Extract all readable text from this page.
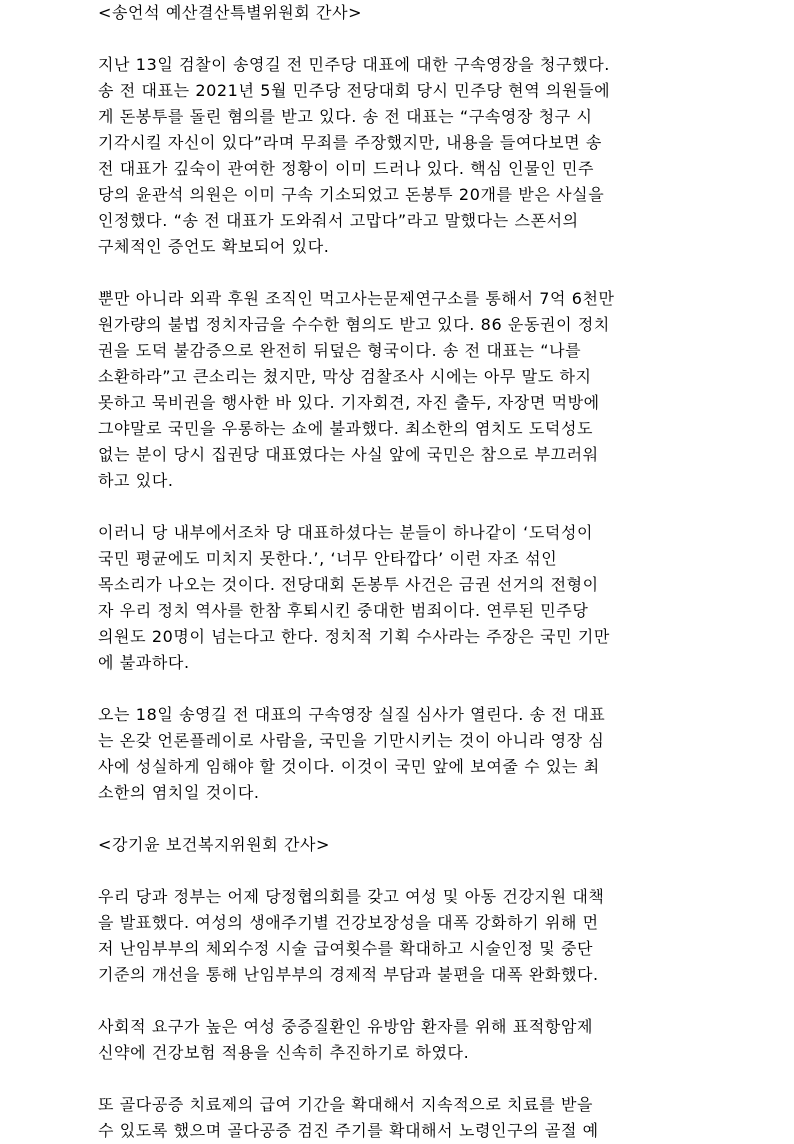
<송언석 예산결산특별위원회 간사>
지난 13일 검찰이 송영길 전 민주당 대표에 대한 구속영장을 청구했다.
송 전 대표는 2021년 5월 민주당 전당대회 당시 민주당 현역 의원들에
게 돈봉투를 돌린 혐의를 받고 있다. 송 전 대표는 “구속영장 청구 시
기각시킬 자신이 있다”라며 무죄를 주장했지만, 내용을 들여다보면 송
전 대표가 깊숙이 관여한 정황이 이미 드러나 있다. 핵심 인물인 민주
당의 윤관석 의원은 이미 구속 기소되었고 돈봉투 20개를 받은 사실을
인정했다. “송 전 대표가 도와줘서 고맙다”라고 말했다는 스폰서의
구체적인 증언도 확보되어 있다.
뿐만 아니라 외곽 후원 조직인 먹고사는문제연구소를 통해서 7억 6천만
원가량의 불법 정치자금을 수수한 혐의도 받고 있다. 86 운동권이 정치
권을 도덕 불감증으로 완전히 뒤덮은 형국이다. 송 전 대표는 “나를
소환하라”고 큰소리는 쳤지만, 막상 검찰조사 시에는 아무 말도 하지
못하고 묵비권을 행사한 바 있다. 기자회견, 자진 출두, 자장면 먹방에
그야말로 국민을 우롱하는 쇼에 불과했다. 최소한의 염치도 도덕성도
없는 분이 당시 집권당 대표였다는 사실 앞에 국민은 참으로 부끄러워
하고 있다.
이러니 당 내부에서조차 당 대표하셨다는 분들이 하나같이 ‘도덕성이
국민 평균에도 미치지 못한다.’, ‘너무 안타깝다’ 이런 자조 섞인
목소리가 나오는 것이다. 전당대회 돈봉투 사건은 금권 선거의 전형이
자 우리 정치 역사를 한참 후퇴시킨 중대한 범죄이다. 연루된 민주당
의원도 20명이 넘는다고 한다. 정치적 기획 수사라는 주장은 국민 기만
에 불과하다.
오는 18일 송영길 전 대표의 구속영장 실질 심사가 열린다. 송 전 대표
는 온갖 언론플레이로 사람을, 국민을 기만시키는 것이 아니라 영장 심
사에 성실하게 임해야 할 것이다. 이것이 국민 앞에 보여줄 수 있는 최
소한의 염치일 것이다.
<강기윤 보건복지위원회 간사>
우리 당과 정부는 어제 당정협의회를 갖고 여성 및 아동 건강지원 대책
을 발표했다. 여성의 생애주기별 건강보장성을 대폭 강화하기 위해 먼
저 난임부부의 체외수정 시술 급여횟수를 확대하고 시술인정 및 중단
기준의 개선을 통해 난임부부의 경제적 부담과 불편을 대폭 완화했다.
사회적 요구가 높은 여성 중증질환인 유방암 환자를 위해 표적항암제
신약에 건강보험 적용을 신속히 추진하기로 하였다.
또 골다공증 치료제의 급여 기간을 확대해서 지속적으로 치료를 받을
수 있도록 했으며 골다공증 검진 주기를 확대해서 노령인구의 골절 예
